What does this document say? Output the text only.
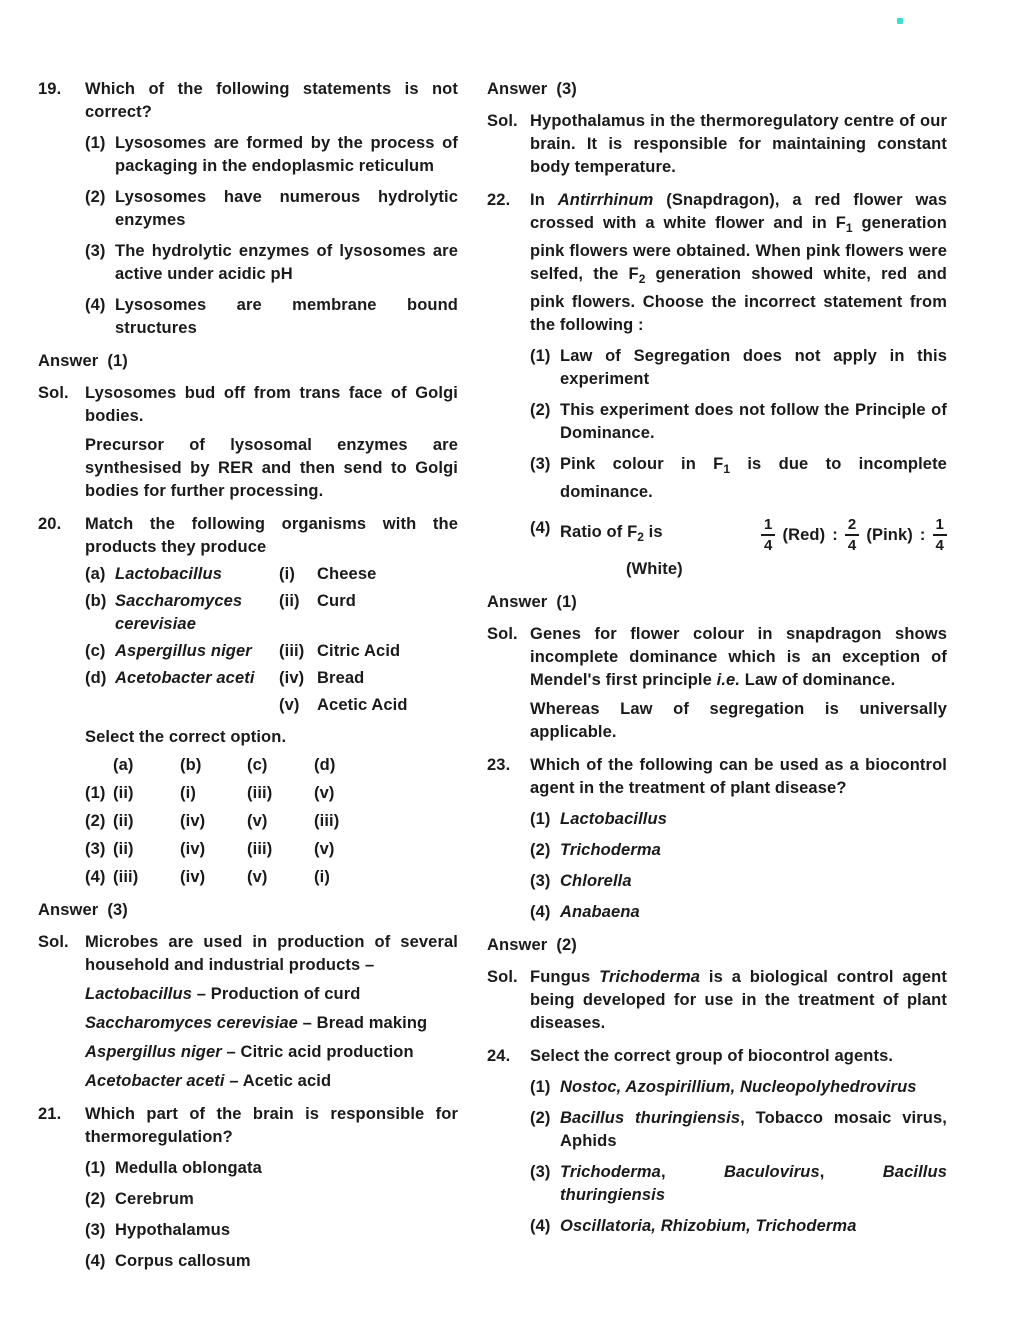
19.	Which of the following statements is not correct?

(1) Lysosomes are formed by the process of packaging in the endoplasmic reticulum
(2) Lysosomes have numerous hydrolytic enzymes
(3) The hydrolytic enzymes of lysosomes are active under acidic pH
(4) Lysosomes are membrane bound structures
Answer (1)
Sol. Lysosomes bud off from trans face of Golgi bodies.

Precursor of lysosomal enzymes are synthesised by RER and then send to Golgi bodies for further processing.

20.	Match the following organisms with the products they produce

(a) Lactobacillus	(i)	Cheese
(b) Saccharomyces
cerevisiae
(ii)	Curd
(c) Aspergillus niger	(iii) Citric Acid
(d) Acetobacter aceti	(iv) Bread
(v)	Acetic Acid

Select the correct option.

(a)	(b)	(c)	(d)
(1) (ii)	(i)	(iii)	(v)
(2) (ii)	(iv)	(v)	(iii)
(3) (ii)	(iv)	(iii)	(v)
(4) (iii)	(iv)	(v)	(i)
Answer (3)
Sol. Microbes are used in production of several household and industrial products –

Lactobacillus – Production of curd

Saccharomyces cerevisiae – Bread making

Aspergillus niger – Citric acid production

Acetobacter aceti – Acetic acid

21.	Which part of the brain is responsible for thermoregulation?

(1) Medulla oblongata
(2) Cerebrum
(3) Hypothalamus
(4) Corpus callosum
Answer (3)
Sol. Hypothalamus in the thermoregulatory centre of our brain. It is responsible for maintaining constant body temperature.

22.	In Antirrhinum (Snapdragon), a red flower was crossed with a white flower and in $F_1$ generation pink flowers were obtained. When pink flowers were selfed, the $F_2$ generation showed white, red and pink flowers. Choose the incorrect statement from the following :

(1) Law of Segregation does not apply in this experiment
(2) This experiment does not follow the Principle of Dominance.
(3) Pink colour in $F_1$ is due to incomplete dominance.
(4) Ratio of $F_2$ is	$\frac{1}{4} (Red)$ : $\frac{2}{4}$ (Pink) : $\frac{1}{4}$
(White)
Answer (1)
Sol. Genes for flower colour in snapdragon shows incomplete dominance which is an exception of Mendel's first principle i.e. Law of dominance.

Whereas Law of segregation is universally applicable.

23.	Which of the following can be used as a biocontrol agent in the treatment of plant disease?

(1) Lactobacillus
(2) Trichoderma
(3) Chlorella
(4) Anabaena
Answer (2)
Sol. Fungus Trichoderma is a biological control agent being developed for use in the treatment of plant diseases.

24.	Select the correct group of biocontrol agents.

(1) Nostoc, Azospirillium, Nucleopolyhedrovirus
(2) Bacillus thuringiensis, Tobacco mosaic virus, Aphids
(3) Trichoderma, Baculovirus, Bacillus thuringiensis
(4) Oscillatoria, Rhizobium, Trichoderma
